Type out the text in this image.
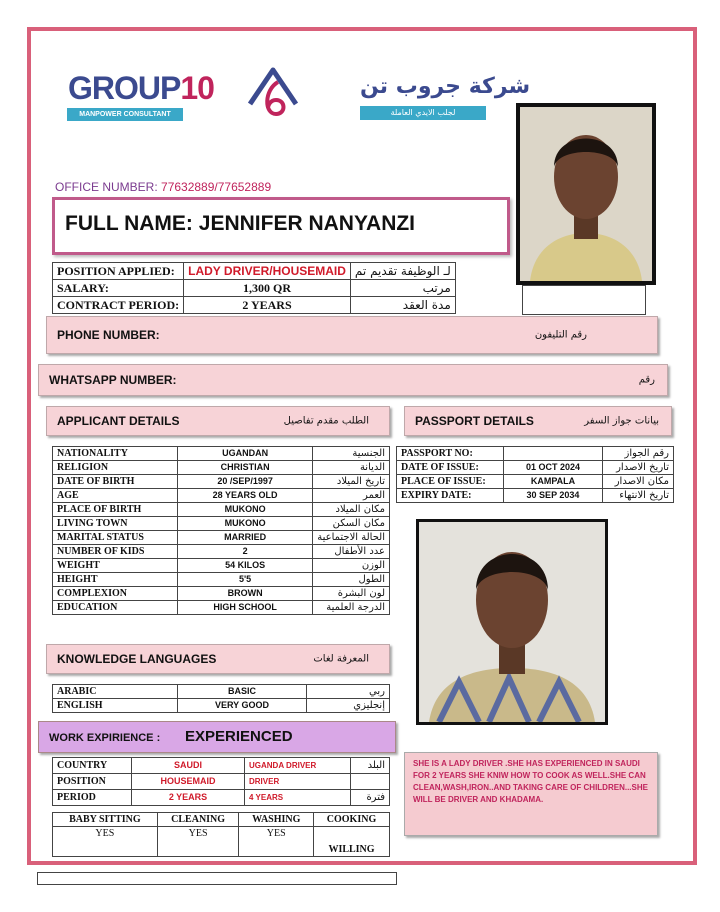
GROUP10
MANPOWER CONSULTANT
شركة جروب تن
لجلب الايدي العاملة
OFFICE NUMBER: 77632889/77652889
FULL NAME: JENNIFER NANYANZI
POSITION APPLIED:	LADY DRIVER/HOUSEMAID	لـ الوظيفة تقديم تم
SALARY:	1,300 QR	مرتب
CONTRACT PERIOD:	2 YEARS	مدة العقد
PHONE NUMBER:	رقم التليفون
WHATSAPP NUMBER:	رقم
APPLICANT DETAILS	الطلب مقدم تفاصيل	PASSPORT DETAILS	بيانات جواز السفر
NATIONALITY	UGANDAN	الجنسية
RELIGION	CHRISTIAN	الديانة
DATE OF BIRTH	20 /SEP/1997	تاريخ الميلاد
AGE	28 YEARS OLD	العمر
PLACE OF BIRTH	MUKONO	مكان الميلاد
LIVING TOWN	MUKONO	مكان السكن
MARITAL STATUS	MARRIED	الحالة الاجتماعية
NUMBER OF KIDS	2	عدد الأطفال
WEIGHT	54 KILOS	الوزن
HEIGHT	5'5	الطول
COMPLEXION	BROWN	لون البشرة
EDUCATION	HIGH SCHOOL	الدرجة العلمية
PASSPORT NO:		رقم الجواز
DATE OF ISSUE:	01 OCT 2024	تاريخ الاصدار
PLACE OF ISSUE:	KAMPALA	مكان الاصدار
EXPIRY DATE:	30 SEP 2034	تاريخ الانتهاء
KNOWLEDGE LANGUAGES	المعرفة لغات
ARABIC	BASIC	ربي
ENGLISH	VERY GOOD	إنجليزي
WORK EXPIRIENCE : EXPERIENCED
COUNTRY	SAUDI	UGANDA DRIVER	البلد
POSITION	HOUSEMAID	DRIVER	
PERIOD	2 YEARS	4 YEARS	فترة
BABY SITTING	CLEANING	WASHING	COOKING
YES	YES	YES	WILLING
SHE IS A LADY DRIVER .SHE HAS EXPERIENCED IN SAUDI FOR 2 YEARS SHE KNIW HOW TO COOK AS WELL.SHE CAN CLEAN,WASH,IRON..AND TAKING CARE OF CHILDREN...SHE WILL BE DRIVER AND KHADAMA.
